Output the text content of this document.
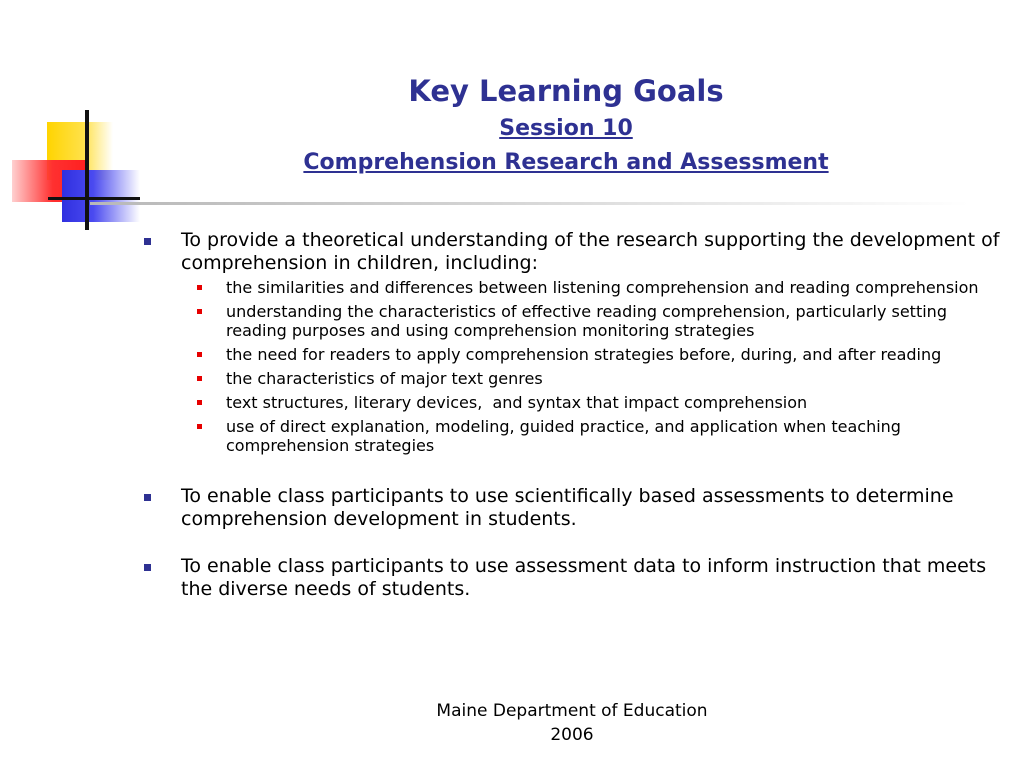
Key Learning Goals

Session 10

Comprehension Research and Assessment

To provide a theoretical understanding of the research supporting the development of comprehension in children, including:
the similarities and differences between listening comprehension and reading comprehension
understanding the characteristics of effective reading comprehension, particularly setting reading purposes and using comprehension monitoring strategies
the need for readers to apply comprehension strategies before, during, and after reading
the characteristics of major text genres
text structures, literary devices,  and syntax that impact comprehension
use of direct explanation, modeling, guided practice, and application when teaching comprehension strategies
To enable class participants to use scientifically based assessments to determine comprehension development in students.
To enable class participants to use assessment data to inform instruction that meets the diverse needs of students.
Maine Department of Education
2006
